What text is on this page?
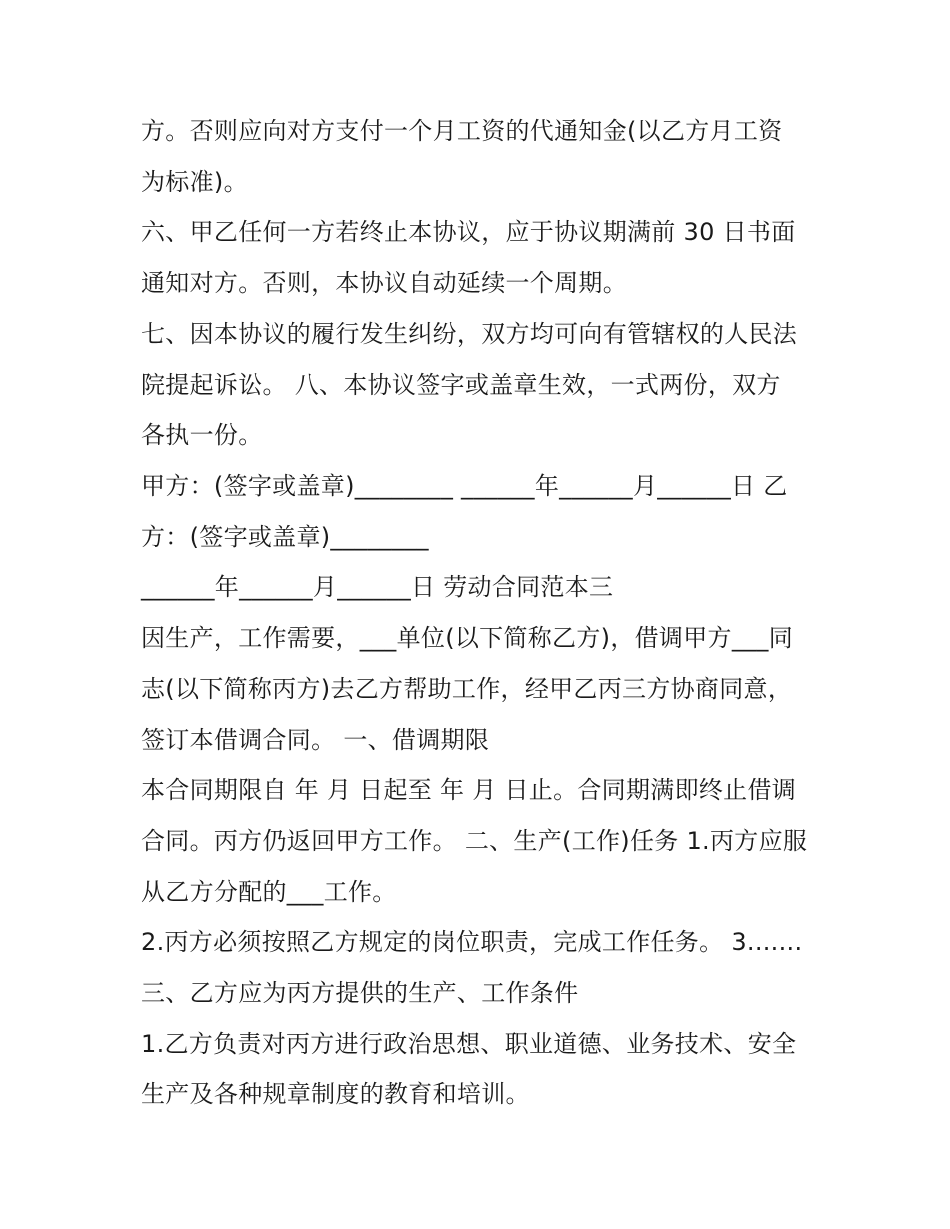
方。否则应向对方支付一个月工资的代通知金(以乙方月工资

为标准)。

六、甲乙任何一方若终止本协议，应于协议期满前 30 日书面

通知对方。否则，本协议自动延续一个周期。

七、因本协议的履行发生纠纷，双方均可向有管辖权的人民法

院提起诉讼。 八、本协议签字或盖章生效，一式两份，双方

各执一份。

甲方：(签字或盖章)________ ______年______月______日 乙

方：(签字或盖章)________

______年______月______日 劳动合同范本三

因生产，工作需要，___单位(以下简称乙方)，借调甲方___同

志(以下简称丙方)去乙方帮助工作，经甲乙丙三方协商同意，

签订本借调合同。 一、借调期限

本合同期限自 年 月 日起至 年 月 日止。合同期满即终止借调

合同。丙方仍返回甲方工作。 二、生产(工作)任务 1.丙方应服

从乙方分配的___工作。

2.丙方必须按照乙方规定的岗位职责，完成工作任务。 3.......

三、乙方应为丙方提供的生产、工作条件

1.乙方负责对丙方进行政治思想、职业道德、业务技术、安全

生产及各种规章制度的教育和培训。
